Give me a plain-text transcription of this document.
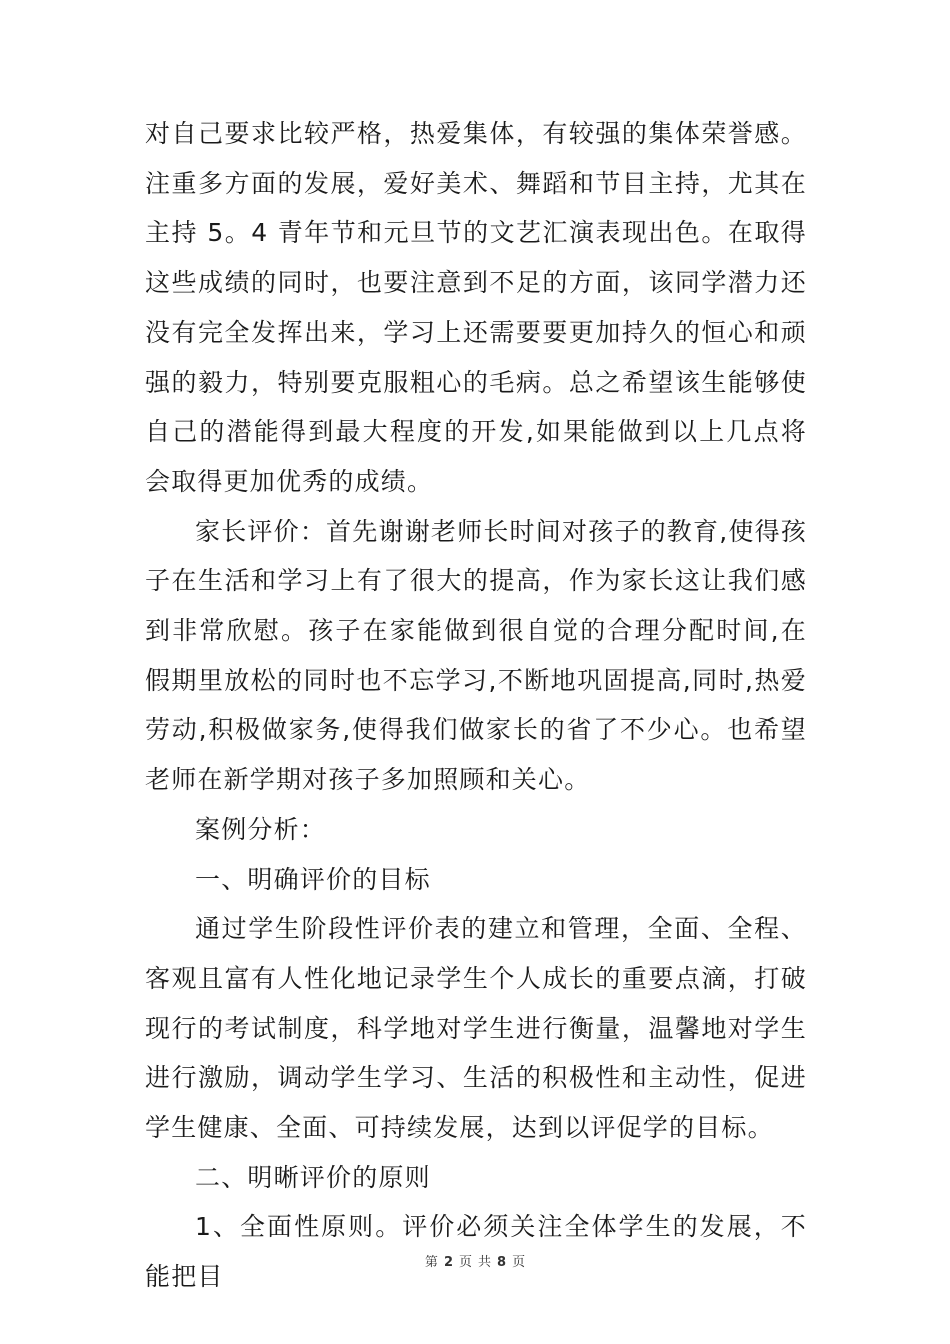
对自己要求比较严格，热爱集体，有较强的集体荣誉感。注重多方面的发展，爱好美术、舞蹈和节目主持，尤其在主持 5。4 青年节和元旦节的文艺汇演表现出色。在取得这些成绩的同时，也要注意到不足的方面，该同学潜力还没有完全发挥出来，学习上还需要要更加持久的恒心和顽强的毅力，特别要克服粗心的毛病。总之希望该生能够使自己的潜能得到最大程度的开发,如果能做到以上几点将会取得更加优秀的成绩。

家长评价：首先谢谢老师长时间对孩子的教育,使得孩子在生活和学习上有了很大的提高，作为家长这让我们感到非常欣慰。孩子在家能做到很自觉的合理分配时间,在假期里放松的同时也不忘学习,不断地巩固提高,同时,热爱劳动,积极做家务,使得我们做家长的省了不少心。也希望老师在新学期对孩子多加照顾和关心。

案例分析：

一、明确评价的目标

通过学生阶段性评价表的建立和管理，全面、全程、客观且富有人性化地记录学生个人成长的重要点滴，打破现行的考试制度，科学地对学生进行衡量，温馨地对学生进行激励，调动学生学习、生活的积极性和主动性，促进学生健康、全面、可持续发展，达到以评促学的目标。

二、明晰评价的原则

1、全面性原则。评价必须关注全体学生的发展，不能把目	第 2 页 共 8 页
